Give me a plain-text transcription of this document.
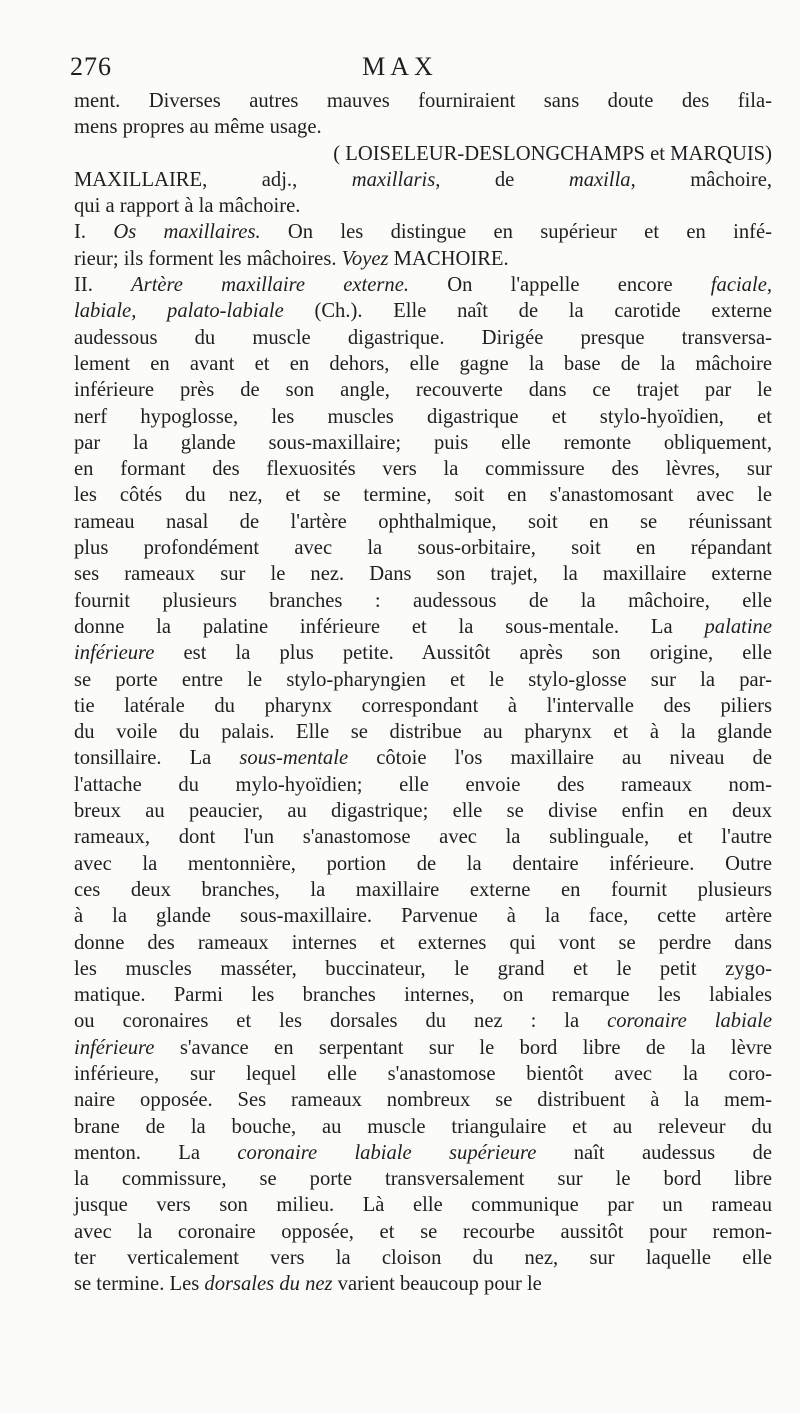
276	MAX
ment. Diverses autres mauves fourniraient sans doute des fila-
mens propres au même usage.
( LOISELEUR-DESLONGCHAMPS et MARQUIS)
MAXILLAIRE, adj., maxillaris, de maxilla, mâchoire,
qui a rapport à la mâchoire.
I. Os maxillaires. On les distingue en supérieur et en infé-
rieur; ils forment les mâchoires. Voyez MACHOIRE.
II. Artère maxillaire externe. On l'appelle encore faciale,
labiale, palato-labiale (Ch.). Elle naît de la carotide externe
audessous du muscle digastrique. Dirigée presque transversa-
lement en avant et en dehors, elle gagne la base de la mâchoire
inférieure près de son angle, recouverte dans ce trajet par le
nerf hypoglosse, les muscles digastrique et stylo-hyoïdien, et
par la glande sous-maxillaire; puis elle remonte obliquement,
en formant des flexuosités vers la commissure des lèvres, sur
les côtés du nez, et se termine, soit en s'anastomosant avec le
rameau nasal de l'artère ophthalmique, soit en se réunissant
plus profondément avec la sous-orbitaire, soit en répandant
ses rameaux sur le nez. Dans son trajet, la maxillaire externe
fournit plusieurs branches : audessous de la mâchoire, elle
donne la palatine inférieure et la sous-mentale. La palatine
inférieure est la plus petite. Aussitôt après son origine, elle
se porte entre le stylo-pharyngien et le stylo-glosse sur la par-
tie latérale du pharynx correspondant à l'intervalle des piliers
du voile du palais. Elle se distribue au pharynx et à la glande
tonsillaire. La sous-mentale côtoie l'os maxillaire au niveau de
l'attache du mylo-hyoïdien; elle envoie des rameaux nom-
breux au peaucier, au digastrique; elle se divise enfin en deux
rameaux, dont l'un s'anastomose avec la sublinguale, et l'autre
avec la mentonnière, portion de la dentaire inférieure. Outre
ces deux branches, la maxillaire externe en fournit plusieurs
à la glande sous-maxillaire. Parvenue à la face, cette artère
donne des rameaux internes et externes qui vont se perdre dans
les muscles masséter, buccinateur, le grand et le petit zygo-
matique. Parmi les branches internes, on remarque les labiales
ou coronaires et les dorsales du nez : la coronaire labiale
inférieure s'avance en serpentant sur le bord libre de la lèvre
inférieure, sur lequel elle s'anastomose bientôt avec la coro-
naire opposée. Ses rameaux nombreux se distribuent à la mem-
brane de la bouche, au muscle triangulaire et au releveur du
menton. La coronaire labiale supérieure naît audessus de
la commissure, se porte transversalement sur le bord libre
jusque vers son milieu. Là elle communique par un rameau
avec la coronaire opposée, et se recourbe aussitôt pour remon-
ter verticalement vers la cloison du nez, sur laquelle elle
se termine. Les dorsales du nez varient beaucoup pour le
